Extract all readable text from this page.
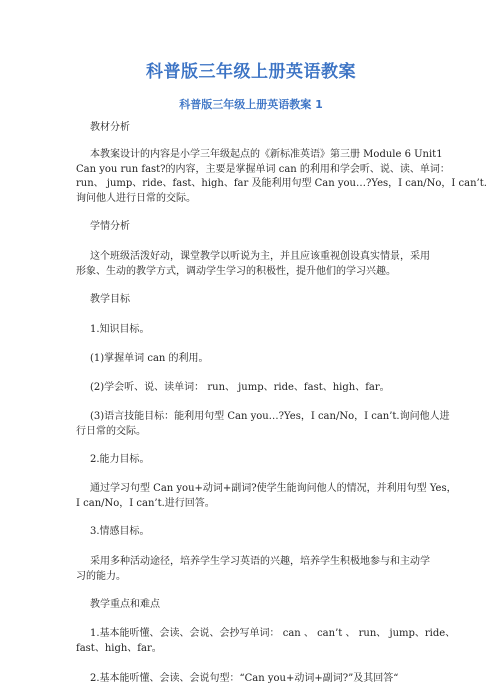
科普版三年级上册英语教案
科普版三年级上册英语教案 1
教材分析
本教案设计的内容是小学三年级起点的《新标准英语》第三册 Module 6 Unit1
Can you run fast?的内容，主要是掌握单词 can 的利用和学会听、说、读、单词：
run、 jump、ride、fast、high、far 及能利用句型 Can you…?Yes，I can/No，I can’t.
询问他人进行日常的交际。
学情分析
这个班级活泼好动，课堂教学以听说为主，并且应该重视创设真实情景，采用
形象、生动的教学方式，调动学生学习的积极性，提升他们的学习兴趣。
教学目标
1.知识目标。
(1)掌握单词 can 的利用。
(2)学会听、说、读单词： run、 jump、ride、fast、high、far。
(3)语言技能目标：能利用句型 Can you…?Yes，I can/No，I can’t.询问他人进
行日常的交际。
2.能力目标。
通过学习句型 Can you+动词+副词?使学生能询问他人的情况，并利用句型 Yes，
I can/No，I can’t.进行回答。
3.情感目标。
采用多种活动途径，培养学生学习英语的兴趣，培养学生积极地参与和主动学
习的能力。
教学重点和难点
1.基本能听懂、会读、会说、会抄写单词： can 、 can’t 、 run、 jump、ride、
fast、high、far。
2.基本能听懂、会读、会说句型：“Can you+动词+副词?”及其回答“
